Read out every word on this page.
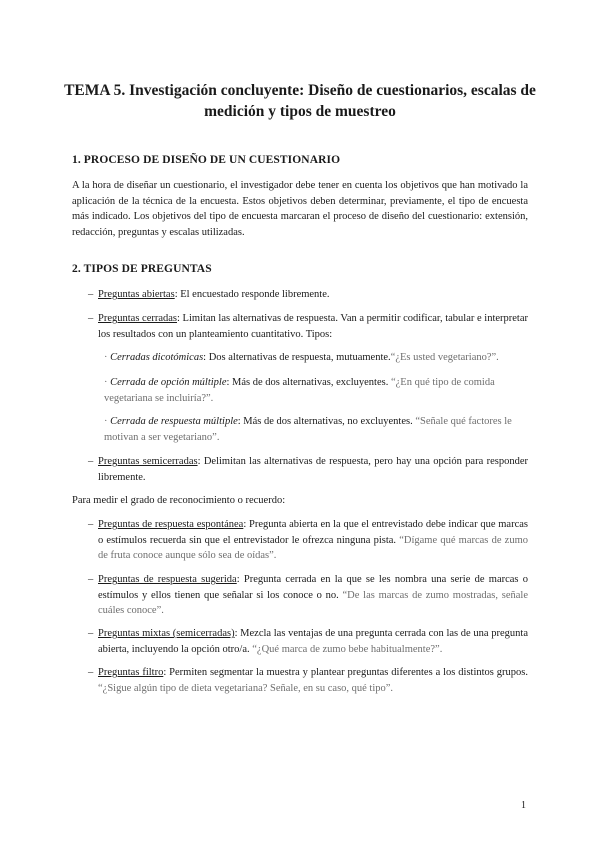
TEMA 5. Investigación concluyente: Diseño de cuestionarios, escalas de
medición y tipos de muestreo
1. PROCESO DE DISEÑO DE UN CUESTIONARIO
A la hora de diseñar un cuestionario, el investigador debe tener en cuenta los objetivos que han motivado la aplicación de la técnica de la encuesta. Estos objetivos deben determinar, previamente, el tipo de encuesta más indicado. Los objetivos del tipo de encuesta marcaran el proceso de diseño del cuestionario: extensión, redacción, preguntas y escalas utilizadas.
2. TIPOS DE PREGUNTAS
– Preguntas abiertas: El encuestado responde libremente.
– Preguntas cerradas: Limitan las alternativas de respuesta. Van a permitir codificar, tabular e interpretar los resultados con un planteamiento cuantitativo. Tipos:
· Cerradas dicotómicas: Dos alternativas de respuesta, mutuamente.“¿Es usted vegetariano?”.
· Cerrada de opción múltiple: Más de dos alternativas, excluyentes. “¿En qué tipo de comida vegetariana se incluiría?”.
· Cerrada de respuesta múltiple: Más de dos alternativas, no excluyentes. “Señale qué factores le motivan a ser vegetariano”.
– Preguntas semicerradas: Delimitan las alternativas de respuesta, pero hay una opción para responder libremente.
Para medir el grado de reconocimiento o recuerdo:
– Preguntas de respuesta espontánea: Pregunta abierta en la que el entrevistado debe indicar que marcas o estímulos recuerda sin que el entrevistador le ofrezca ninguna pista. “Dígame qué marcas de zumo de fruta conoce aunque sólo sea de oídas”.
– Preguntas de respuesta sugerida: Pregunta cerrada en la que se les nombra una serie de marcas o estímulos y ellos tienen que señalar si los conoce o no. “De las marcas de zumo mostradas, señale cuáles conoce”.
– Preguntas mixtas (semicerradas): Mezcla las ventajas de una pregunta cerrada con las de una pregunta abierta, incluyendo la opción otro/a. “¿Qué marca de zumo bebe habitualmente?”.
– Preguntas filtro: Permiten segmentar la muestra y plantear preguntas diferentes a los distintos grupos. “¿Sigue algún tipo de dieta vegetariana? Señale, en su caso, qué tipo”.
1
